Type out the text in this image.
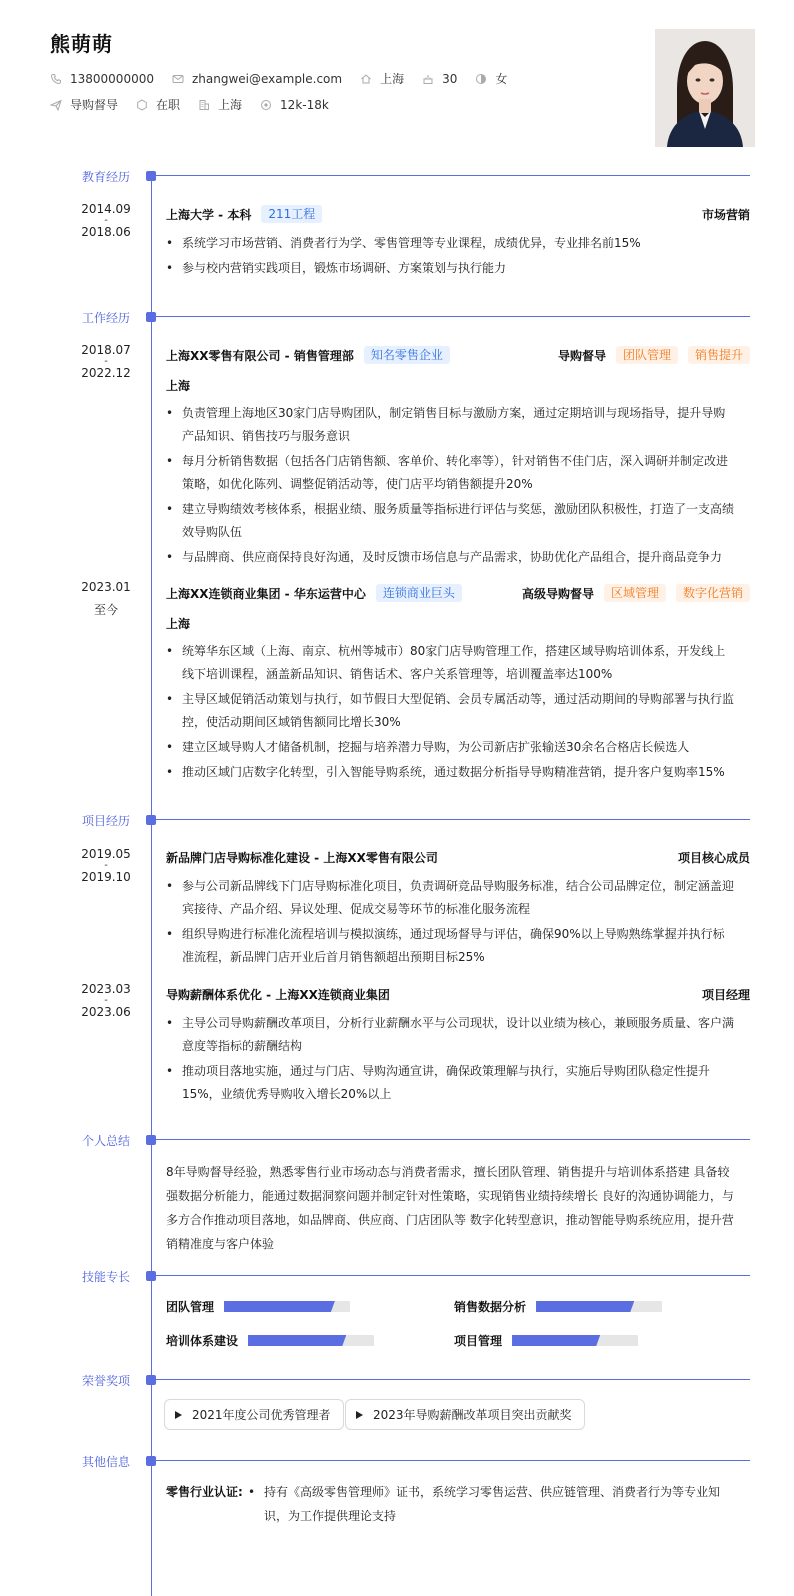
熊萌萌
13800000000	zhangwei@example.com	上海	30	女
导购督导	在职	上海	12k-18k
教育经历
2014.09
-
2018.06
上海大学 - 本科	211工程	市场营销
• 系统学习市场营销、消费者行为学、零售管理等专业课程，成绩优异，专业排名前15%
• 参与校内营销实践项目，锻炼市场调研、方案策划与执行能力
工作经历
2018.07
-
2022.12
上海XX零售有限公司 - 销售管理部	知名零售企业	导购督导	团队管理	销售提升
上海
• 负责管理上海地区30家门店导购团队，制定销售目标与激励方案，通过定期培训与现场指导，提升导购产品知识、销售技巧与服务意识
• 每月分析销售数据（包括各门店销售额、客单价、转化率等），针对销售不佳门店，深入调研并制定改进策略，如优化陈列、调整促销活动等，使门店平均销售额提升20%
• 建立导购绩效考核体系，根据业绩、服务质量等指标进行评估与奖惩，激励团队积极性，打造了一支高绩效导购队伍
• 与品牌商、供应商保持良好沟通，及时反馈市场信息与产品需求，协助优化产品组合，提升商品竞争力
2023.01
至今
上海XX连锁商业集团 - 华东运营中心	连锁商业巨头	高级导购督导	区域管理	数字化营销
上海
• 统筹华东区域（上海、南京、杭州等城市）80家门店导购管理工作，搭建区域导购培训体系，开发线上线下培训课程，涵盖新品知识、销售话术、客户关系管理等，培训覆盖率达100%
• 主导区域促销活动策划与执行，如节假日大型促销、会员专属活动等，通过活动期间的导购部署与执行监控，使活动期间区域销售额同比增长30%
• 建立区域导购人才储备机制，挖掘与培养潜力导购，为公司新店扩张输送30余名合格店长候选人
• 推动区域门店数字化转型，引入智能导购系统，通过数据分析指导导购精准营销，提升客户复购率15%
项目经历
2019.05
-
2019.10
新品牌门店导购标准化建设 - 上海XX零售有限公司	项目核心成员
• 参与公司新品牌线下门店导购标准化项目，负责调研竞品导购服务标准，结合公司品牌定位，制定涵盖迎宾接待、产品介绍、异议处理、促成交易等环节的标准化服务流程
• 组织导购进行标准化流程培训与模拟演练，通过现场督导与评估，确保90%以上导购熟练掌握并执行标准流程，新品牌门店开业后首月销售额超出预期目标25%
2023.03
-
2023.06
导购薪酬体系优化 - 上海XX连锁商业集团	项目经理
• 主导公司导购薪酬改革项目，分析行业薪酬水平与公司现状，设计以业绩为核心，兼顾服务质量、客户满意度等指标的薪酬结构
• 推动项目落地实施，通过与门店、导购沟通宣讲，确保政策理解与执行，实施后导购团队稳定性提升15%，业绩优秀导购收入增长20%以上
个人总结
8年导购督导经验，熟悉零售行业市场动态与消费者需求，擅长团队管理、销售提升与培训体系搭建 具备较强数据分析能力，能通过数据洞察问题并制定针对性策略，实现销售业绩持续增长 良好的沟通协调能力，与多方合作推动项目落地，如品牌商、供应商、门店团队等 数字化转型意识，推动智能导购系统应用，提升营销精准度与客户体验
技能专长
团队管理	销售数据分析
培训体系建设	项目管理
荣誉奖项
2021年度公司优秀管理者	2023年导购薪酬改革项目突出贡献奖
其他信息
零售行业认证:
•	持有《高级零售管理师》证书，系统学习零售运营、供应链管理、消费者行为等专业知识，为工作提供理论支持
